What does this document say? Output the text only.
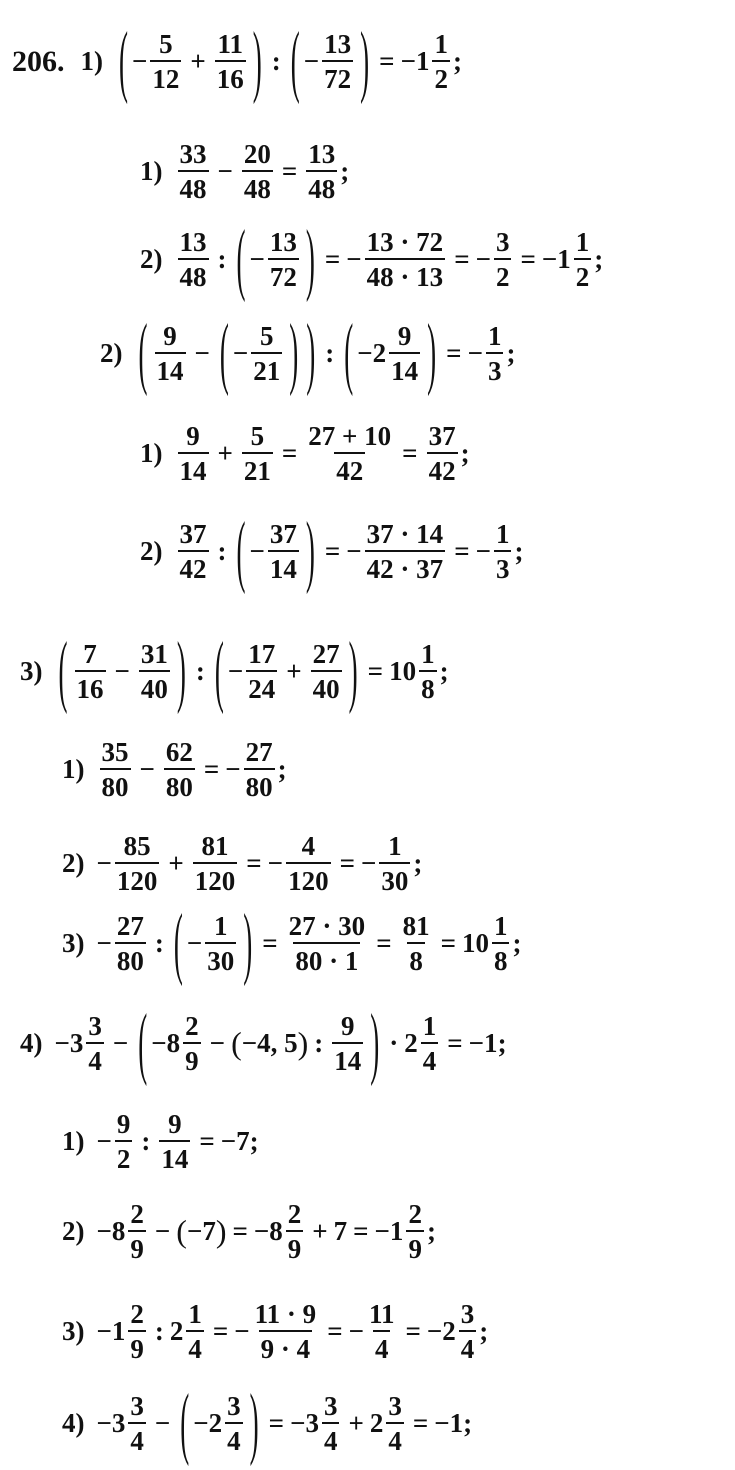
206. 1) ( − $\frac{5}{12} + \frac{11}{16}$ ) : ( − $\frac{13}{72}$ ) = $-1 \frac{1}{2}$ ;
$1) \frac{33}{48} - \frac{20}{48} = \frac{13}{48}$ ;
$2) \frac{13}{48}$ : ( − $\frac{13}{72}$ ) = − $\frac{13 \cdot 72}{48 \cdot 13}$ = − $\frac{3}{2} = -1 \frac{1}{2}$ ;
2) ( $\frac{9}{14}$ − ( − $\frac{5}{21}$ ) ) : ( $-2 \frac{9}{14}$ ) = − $\frac{1}{3}$ ;
$1) \frac{9}{14} + \frac{5}{21} = \frac{27 + 10}{42} = \frac{37}{42}$ ;
$2) \frac{37}{42}$ : ( − $\frac{37}{14}$ ) = − $\frac{37 \cdot 14}{42 \cdot 37}$ = − $\frac{1}{3}$ ;
3) ( $\frac{7}{16} - \frac{31}{40}$ ) : ( − $\frac{17}{24} + \frac{27}{40}$ ) = $10 \frac{1}{8}$ ;
$1) \frac{35}{80} - \frac{62}{80}$ = − $\frac{27}{80}$ ;
$2) - \frac{85}{120} + \frac{81}{120}$ = − $\frac{4}{120}$ = − $\frac{1}{30}$ ;
$3) - \frac{27}{80}$ : ( − $\frac{1}{30}$ ) = $\frac{27 \cdot 30}{80 \cdot 1} = \frac{81}{8} = 10 \frac{1}{8}$ ;
$4) -3 \frac{3}{4}$ − ( $-8 \frac{2}{9}$ − ( −4, 5 ) : $\frac{9}{14}$ ) · $2 \frac{1}{4} = -1$ ;
$1) - \frac{9}{2}$ : $\frac{9}{14} = -7$;
$2) -8 \frac{2}{9}$ − ( −7 ) = $-8 \frac{2}{9} + 7 = -1 \frac{2}{9}$ ;
$3) -1 \frac{2}{9}$ : $2 \frac{1}{4}$ = − $\frac{11 \cdot 9}{9 \cdot 4}$ = − $\frac{11}{4} = -2 \frac{3}{4}$ ;
$4) -3 \frac{3}{4}$ − ( $-2 \frac{3}{4}$ ) = $-3 \frac{3}{4} + 2 \frac{3}{4} = -1$ ;
